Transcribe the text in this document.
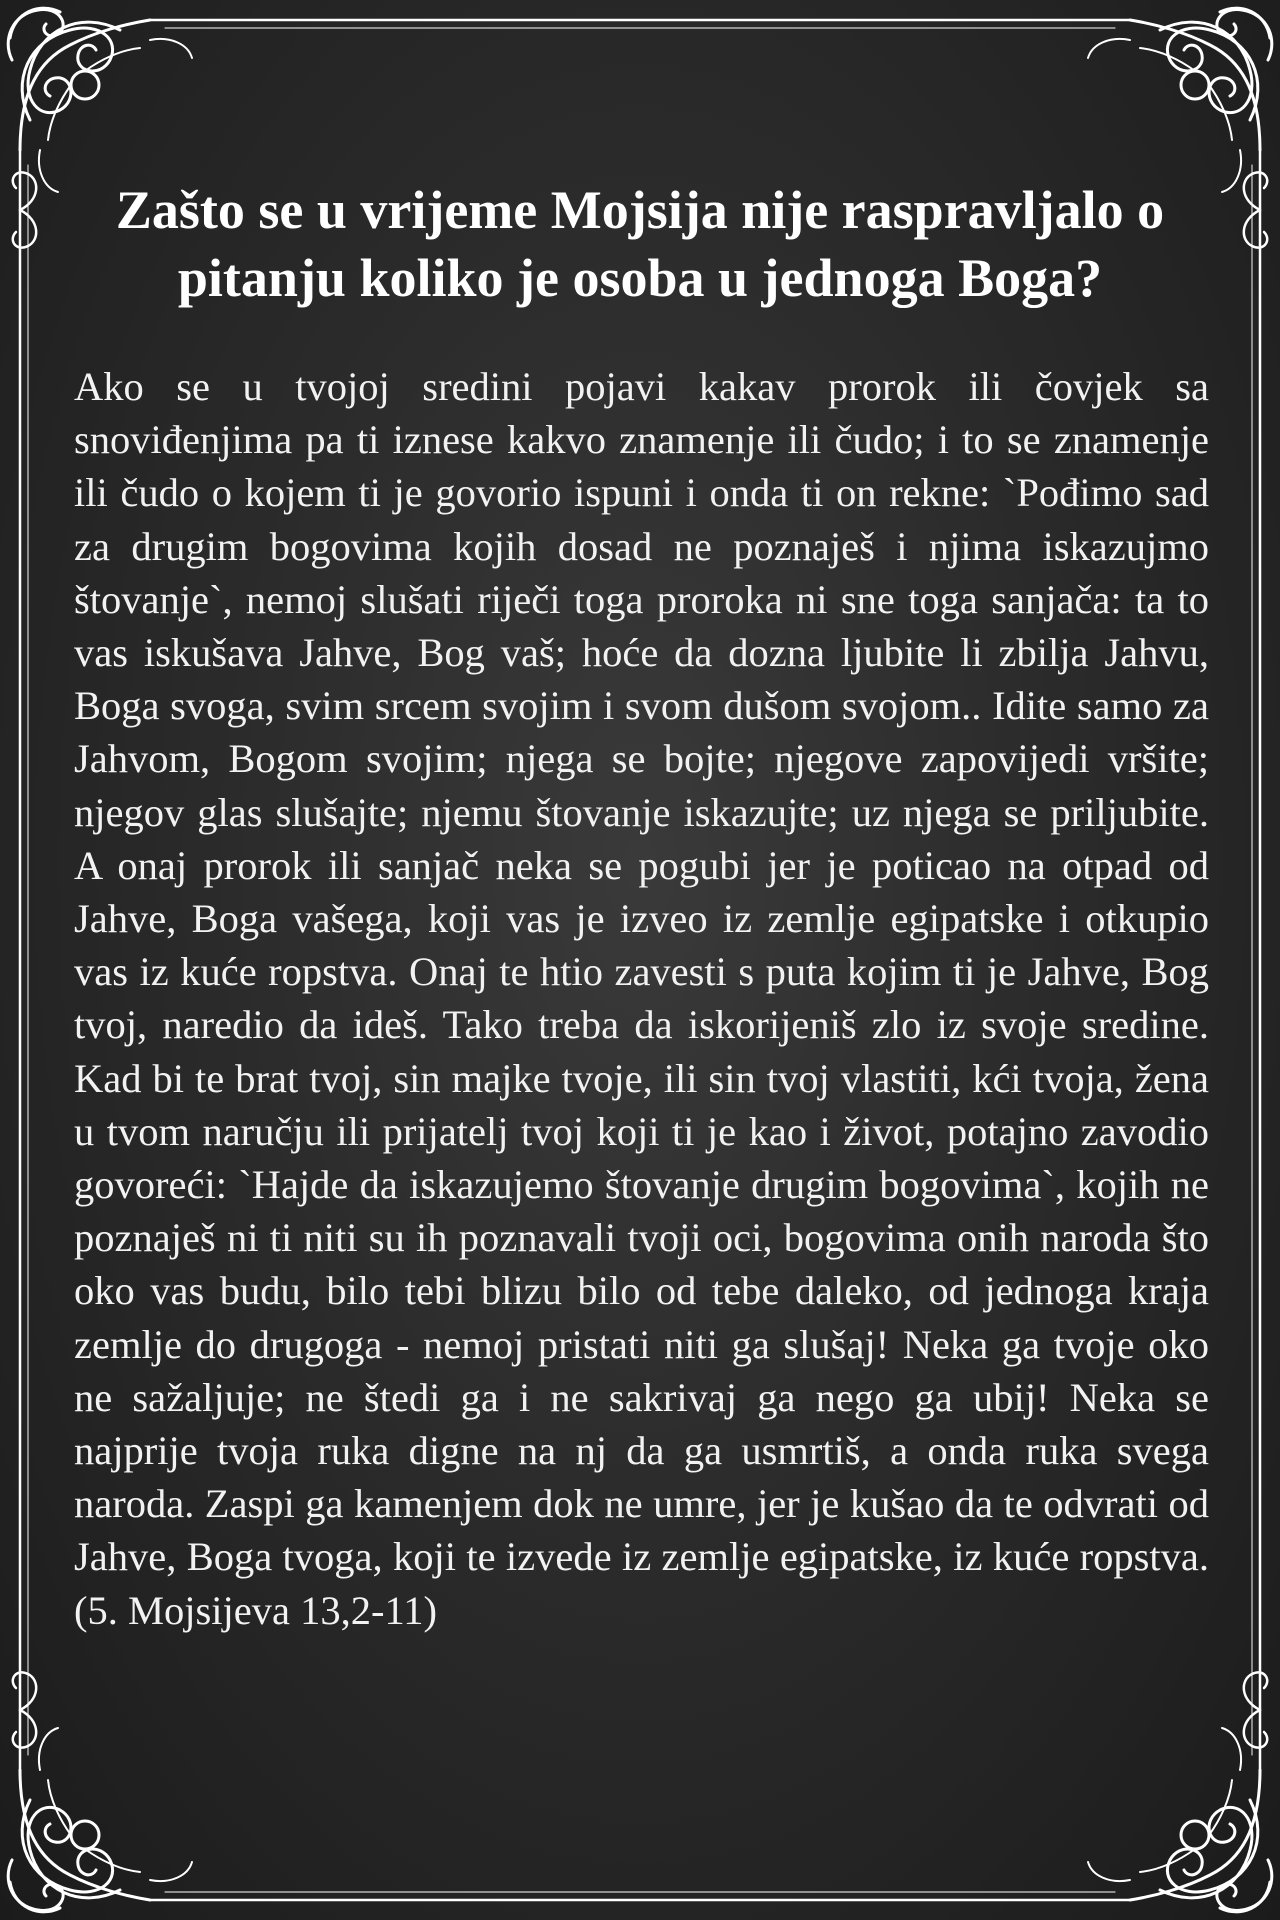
Zašto se u vrijeme Mojsija nije raspravljalo o pitanju koliko je osoba u jednoga Boga?

Ako se u tvojoj sredini pojavi kakav prorok ili čovjek sa snoviđenjima pa ti iznese kakvo znamenje ili čudo; i to se znamenje ili čudo o kojem ti je govorio ispuni i onda ti on rekne: `Pođimo sad za drugim bogovima kojih dosad ne poznaješ i njima iskazujmo štovanje`, nemoj slušati riječi toga proroka ni sne toga sanjača: ta to vas iskušava Jahve, Bog vaš; hoće da dozna ljubite li zbilja Jahvu, Boga svoga, svim srcem svojim i svom dušom svojom.. Idite samo za Jahvom, Bogom svojim; njega se bojte; njegove zapovijedi vršite; njegov glas slušajte; njemu štovanje iskazujte; uz njega se priljubite. A onaj prorok ili sanjač neka se pogubi jer je poticao na otpad od Jahve, Boga vašega, koji vas je izveo iz zemlje egipatske i otkupio vas iz kuće ropstva. Onaj te htio zavesti s puta kojim ti je Jahve, Bog tvoj, naredio da ideš. Tako treba da iskorijeniš zlo iz svoje sredine. Kad bi te brat tvoj, sin majke tvoje, ili sin tvoj vlastiti, kći tvoja, žena u tvom naručju ili prijatelj tvoj koji ti je kao i život, potajno zavodio govoreći: `Hajde da iskazujemo štovanje drugim bogovima`, kojih ne poznaješ ni ti niti su ih poznavali tvoji oci, bogovima onih naroda što oko vas budu, bilo tebi blizu bilo od tebe daleko, od jednoga kraja zemlje do drugoga - nemoj pristati niti ga slušaj! Neka ga tvoje oko ne sažaljuje; ne štedi ga i ne sakrivaj ga nego ga ubij! Neka se najprije tvoja ruka digne na nj da ga usmrtiš, a onda ruka svega naroda. Zaspi ga kamenjem dok ne umre, jer je kušao da te odvrati od Jahve, Boga tvoga, koji te izvede iz zemlje egipatske, iz kuće ropstva. (5. Mojsijeva 13,2-11)
